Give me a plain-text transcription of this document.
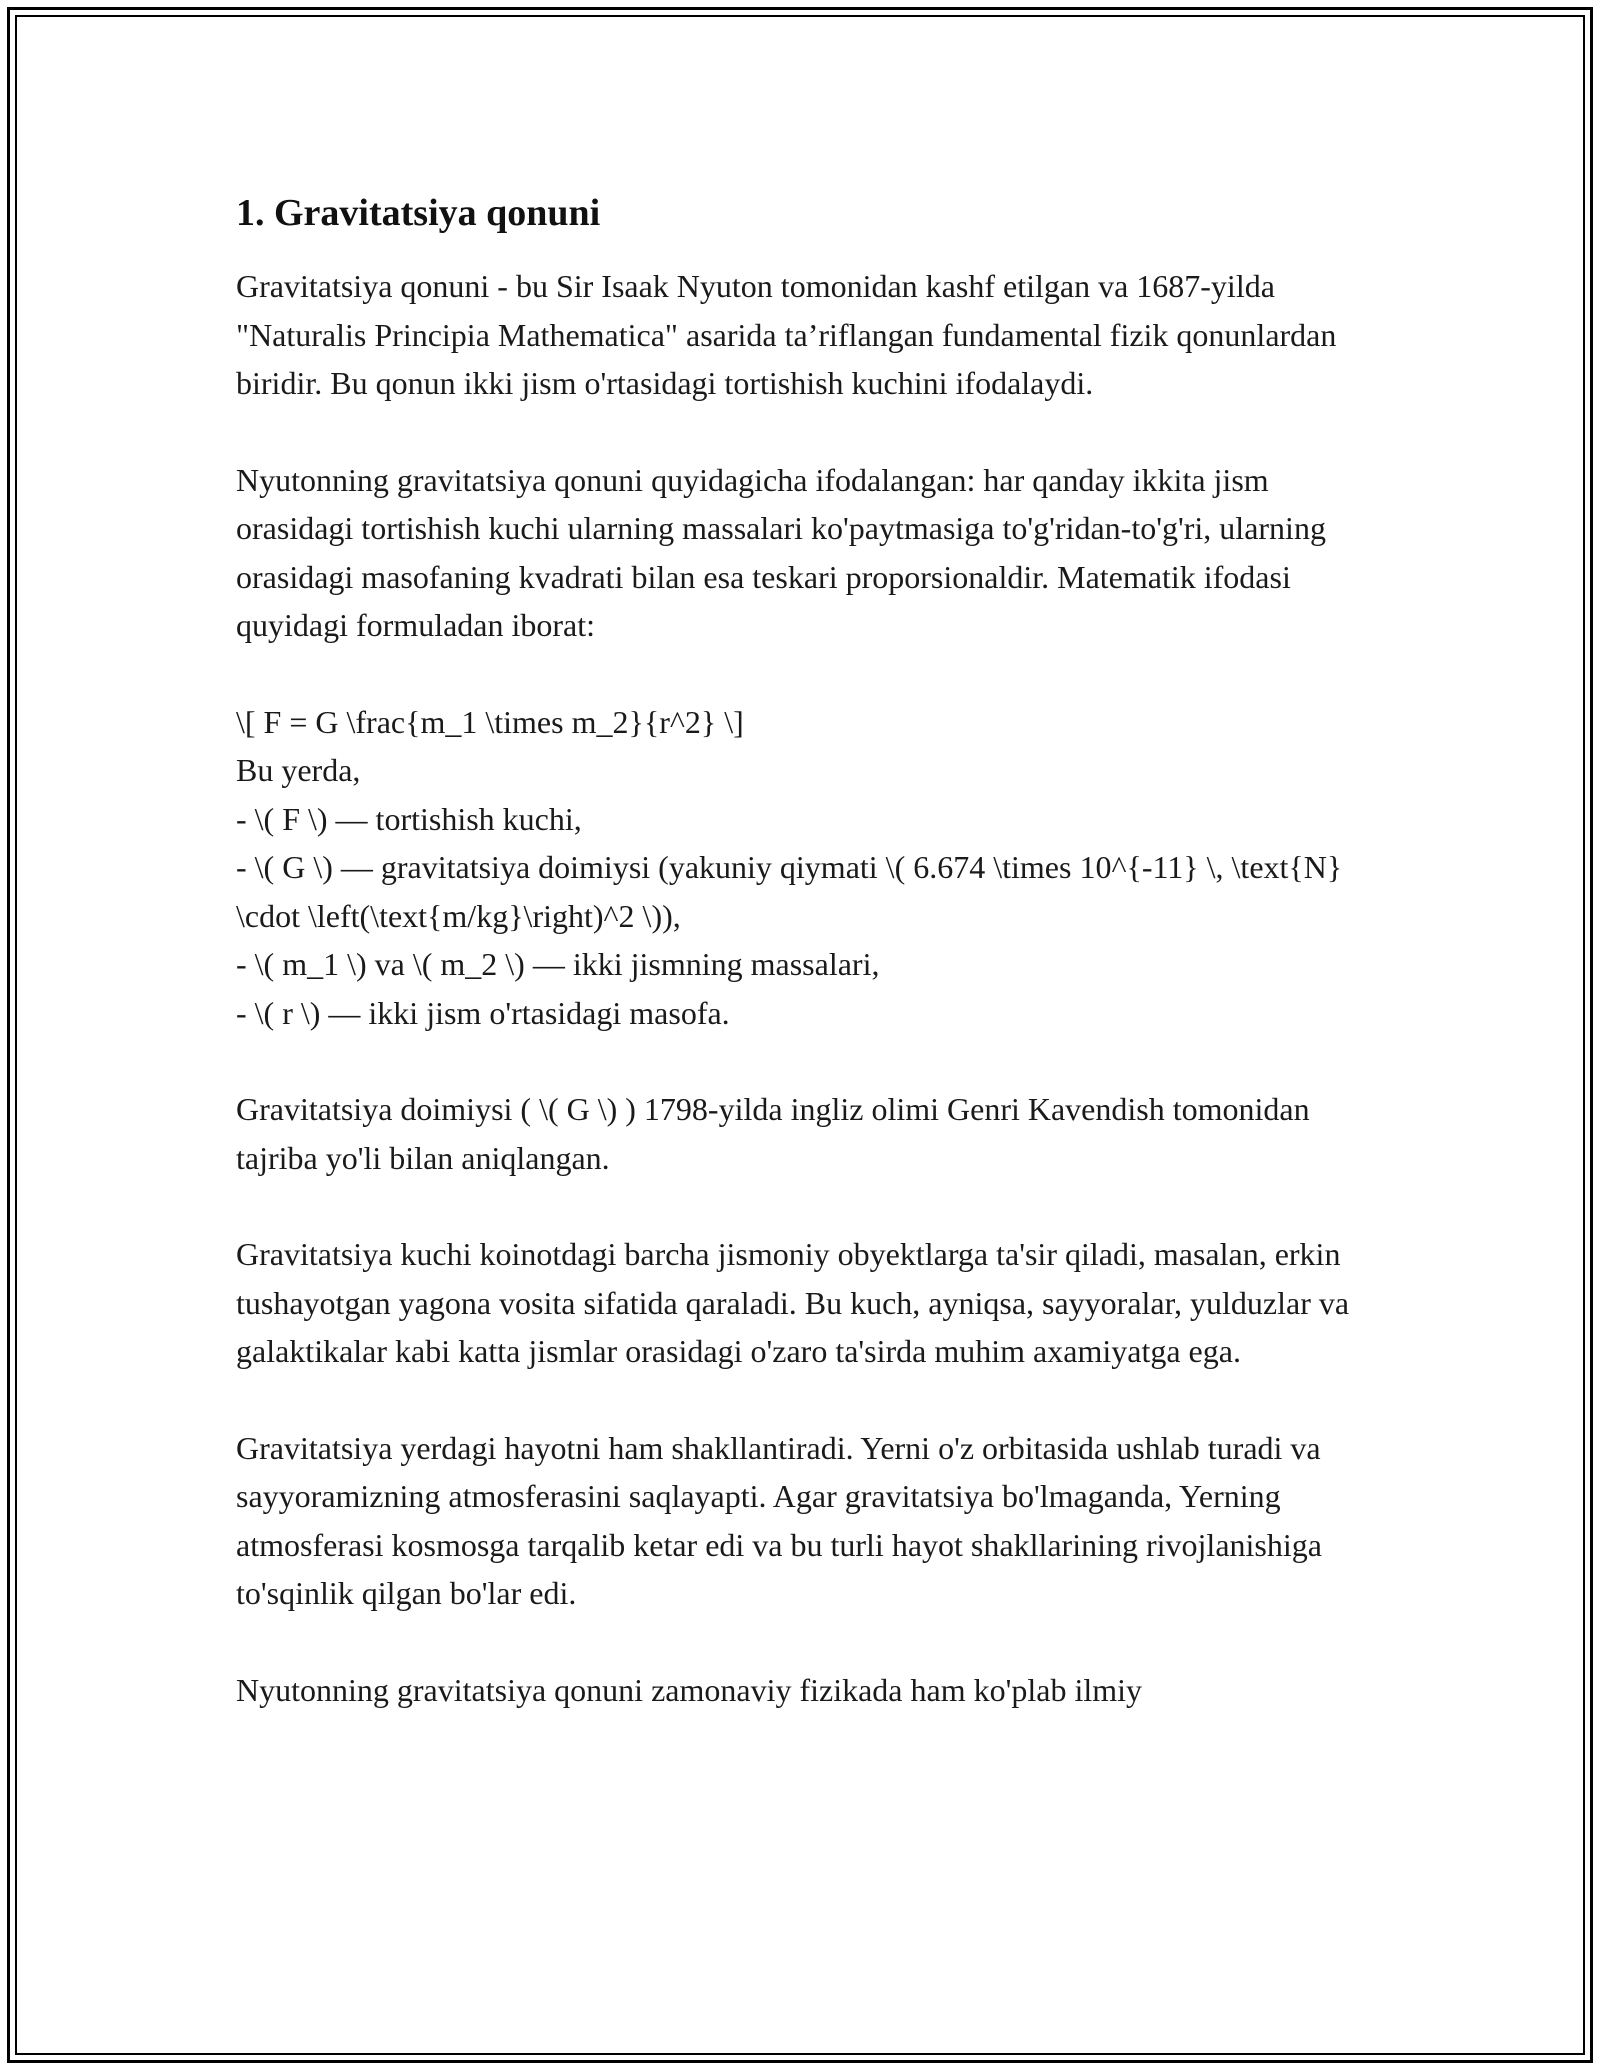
1. Gravitatsiya qonuni

Gravitatsiya qonuni - bu Sir Isaak Nyuton tomonidan kashf etilgan va 1687-yilda "Naturalis Principia Mathematica" asarida ta’riflangan fundamental fizik qonunlardan biridir. Bu qonun ikki jism o'rtasidagi tortishish kuchini ifodalaydi.

Nyutonning gravitatsiya qonuni quyidagicha ifodalangan: har qanday ikkita jism orasidagi tortishish kuchi ularning massalari ko'paytmasiga to'g'ridan-to'g'ri, ularning orasidagi masofaning kvadrati bilan esa teskari proporsionaldir. Matematik ifodasi quyidagi formuladan iborat:

\[ F = G \frac{m_1 \times m_2}{r^2} \]
Bu yerda,
- \( F \) — tortishish kuchi,
- \( G \) — gravitatsiya doimiysi (yakuniy qiymati \( 6.674 \times 10^{-11} \, \text{N} \cdot \left(\text{m/kg}\right)^2 \)),
- \( m_1 \) va \( m_2 \) — ikki jismning massalari,
- \( r \) — ikki jism o'rtasidagi masofa.

Gravitatsiya doimiysi ( \( G \) ) 1798-yilda ingliz olimi Genri Kavendish tomonidan tajriba yo'li bilan aniqlangan.

Gravitatsiya kuchi koinotdagi barcha jismoniy obyektlarga ta'sir qiladi, masalan, erkin tushayotgan yagona vosita sifatida qaraladi. Bu kuch, ayniqsa, sayyoralar, yulduzlar va galaktikalar kabi katta jismlar orasidagi o'zaro ta'sirda muhim axamiyatga ega.

Gravitatsiya yerdagi hayotni ham shakllantiradi. Yerni o'z orbitasida ushlab turadi va sayyoramizning atmosferasini saqlayapti. Agar gravitatsiya bo'lmaganda, Yerning atmosferasi kosmosga tarqalib ketar edi va bu turli hayot shakllarining rivojlanishiga to'sqinlik qilgan bo'lar edi.

Nyutonning gravitatsiya qonuni zamonaviy fizikada ham ko'plab ilmiy
